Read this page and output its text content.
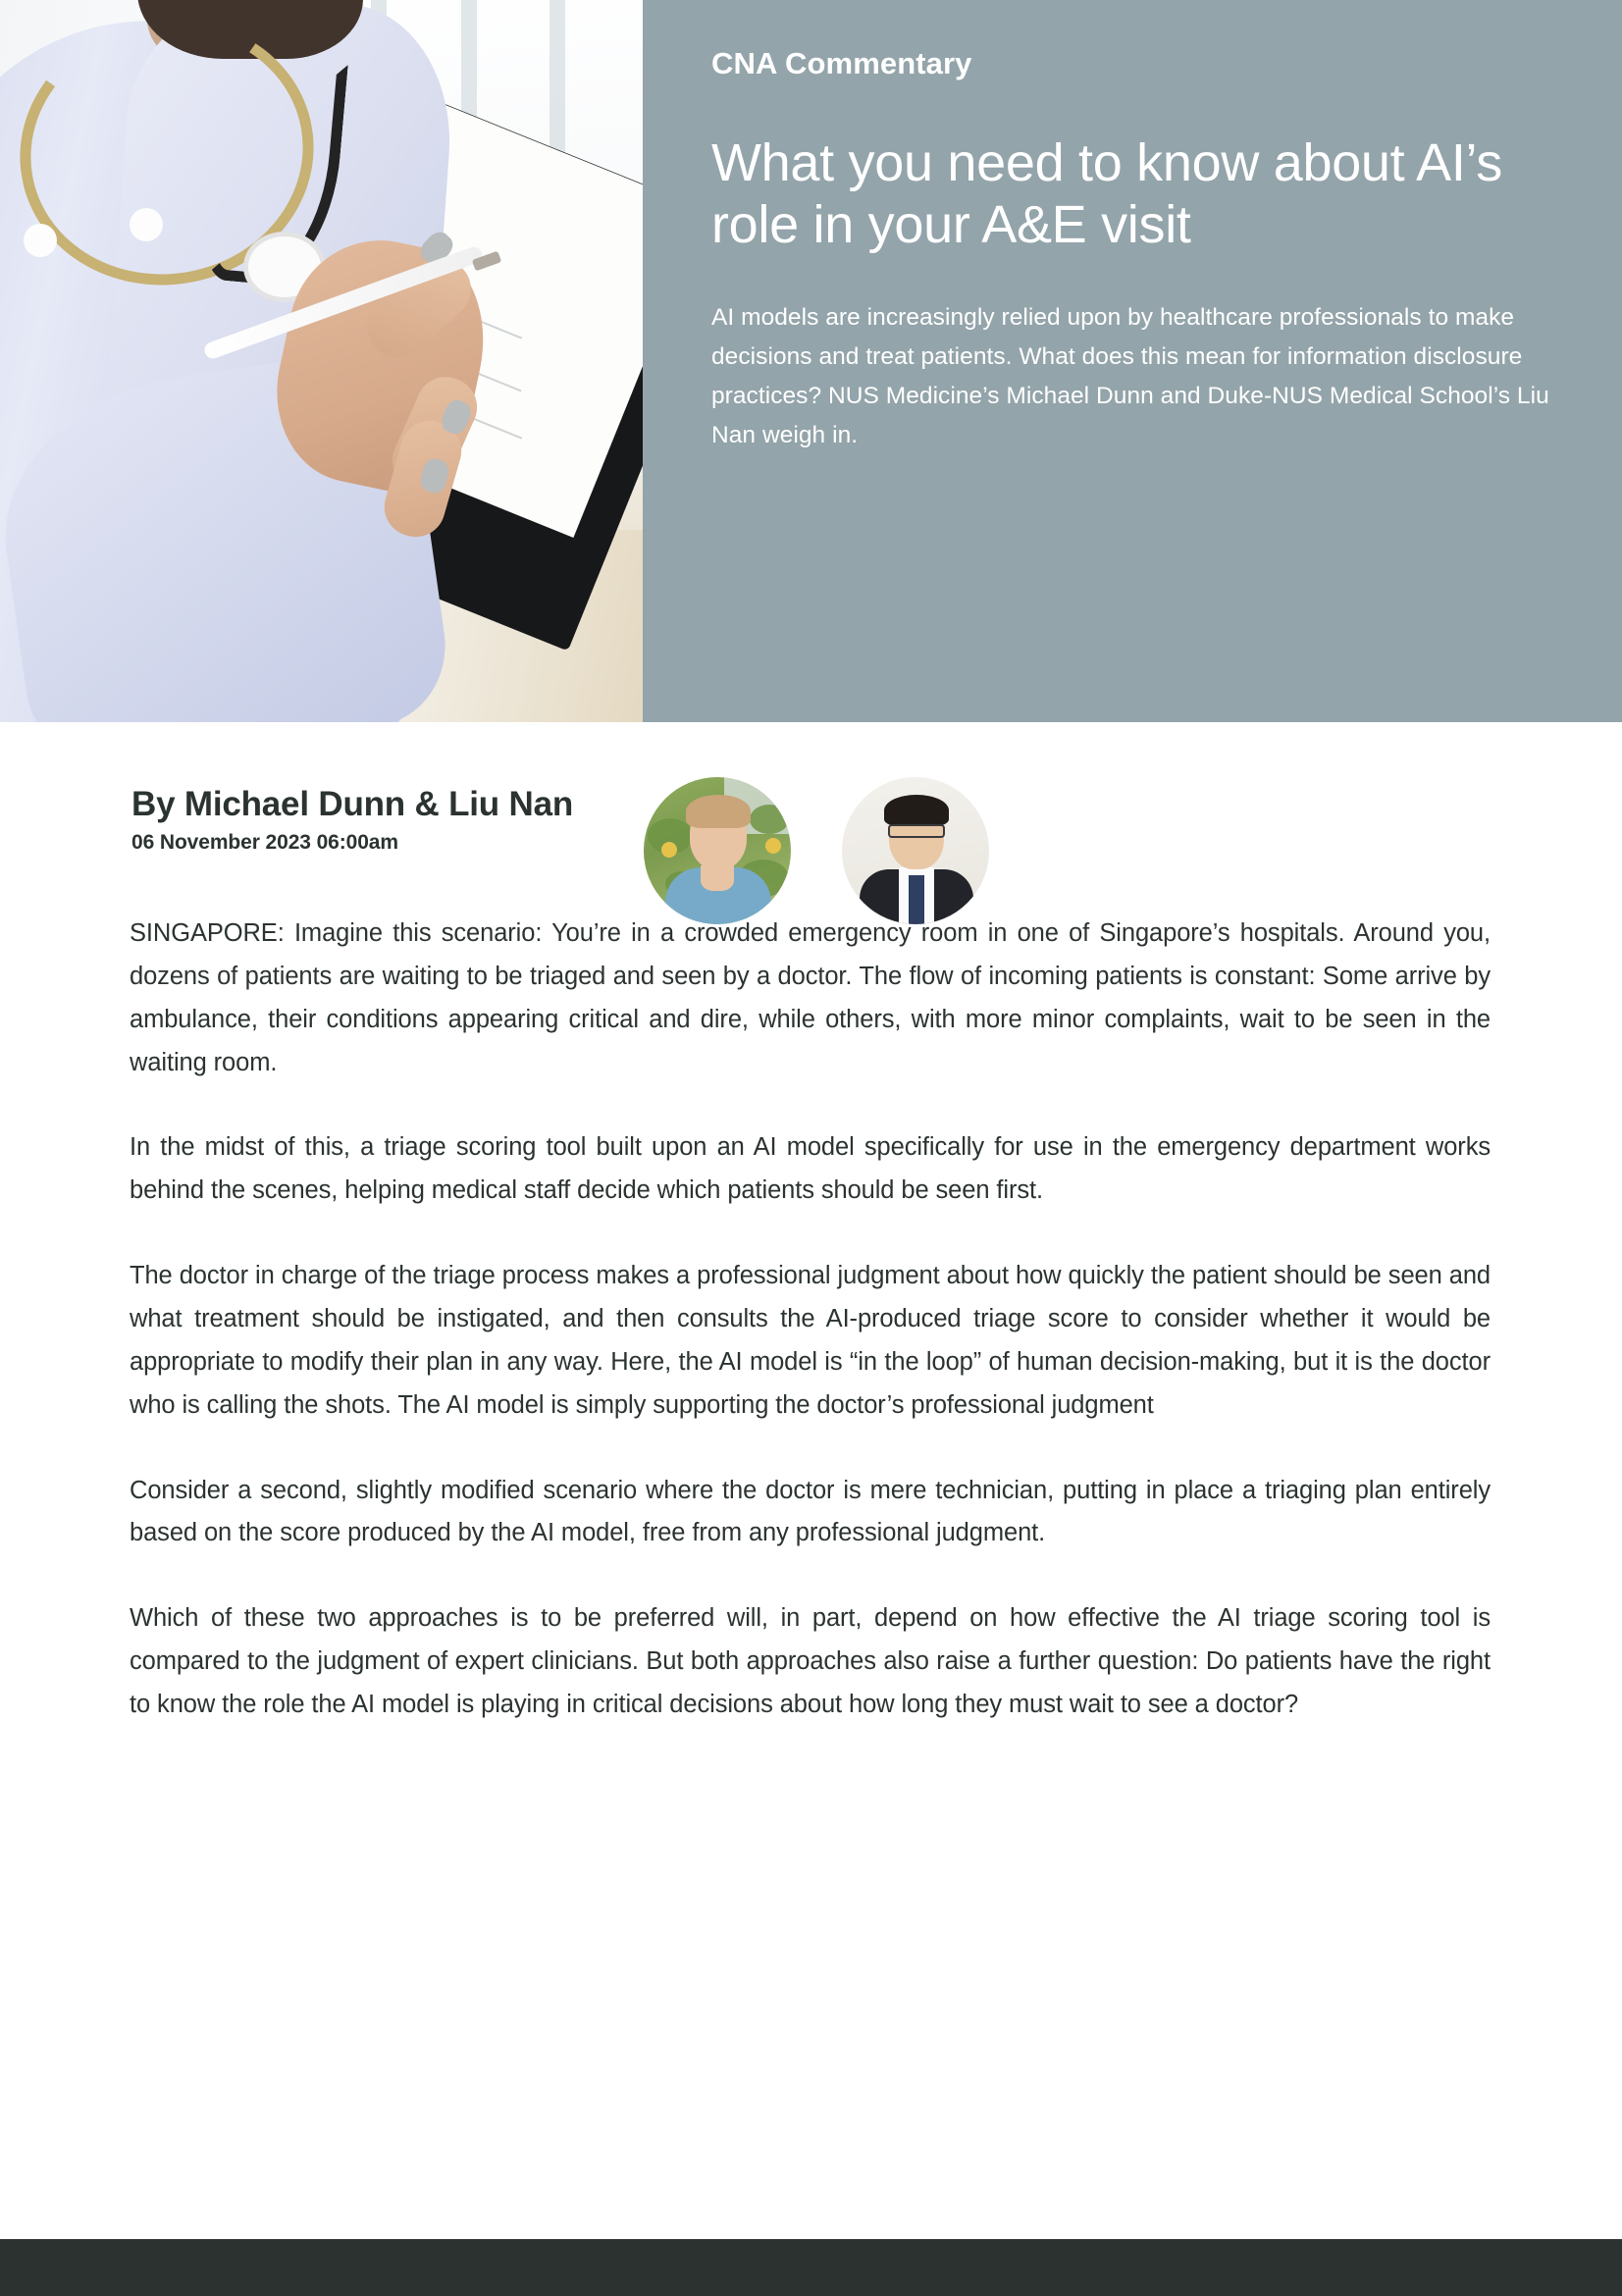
CNA Commentary
What you need to know about AI’s role in your A&E visit

AI models are increasingly relied upon by healthcare professionals to make decisions and treat patients. What does this mean for information disclosure practices? NUS Medicine’s Michael Dunn and Duke-NUS Medical School’s Liu Nan weigh in.

By Michael Dunn & Liu Nan
06 November 2023 06:00am

SINGAPORE: Imagine this scenario: You’re in a crowded emergency room in one of Singapore’s hospitals. Around you, dozens of patients are waiting to be triaged and seen by a doctor. The flow of incoming patients is constant: Some arrive by ambulance, their conditions appearing critical and dire, while others, with more minor complaints, wait to be seen in the waiting room.

In the midst of this, a triage scoring tool built upon an AI model specifically for use in the emergency department works behind the scenes, helping medical staff decide which patients should be seen first.

The doctor in charge of the triage process makes a professional judgment about how quickly the patient should be seen and what treatment should be instigated, and then consults the AI-produced triage score to consider whether it would be appropriate to modify their plan in any way. Here, the AI model is “in the loop” of human decision-making, but it is the doctor who is calling the shots. The AI model is simply supporting the doctor’s professional judgment

Consider a second, slightly modified scenario where the doctor is mere technician, putting in place a triaging plan entirely based on the score produced by the AI model, free from any professional judgment.

Which of these two approaches is to be preferred will, in part, depend on how effective the AI triage scoring tool is compared to the judgment of expert clinicians. But both approaches also raise a further question: Do patients have the right to know the role the AI model is playing in critical decisions about how long they must wait to see a doctor?
